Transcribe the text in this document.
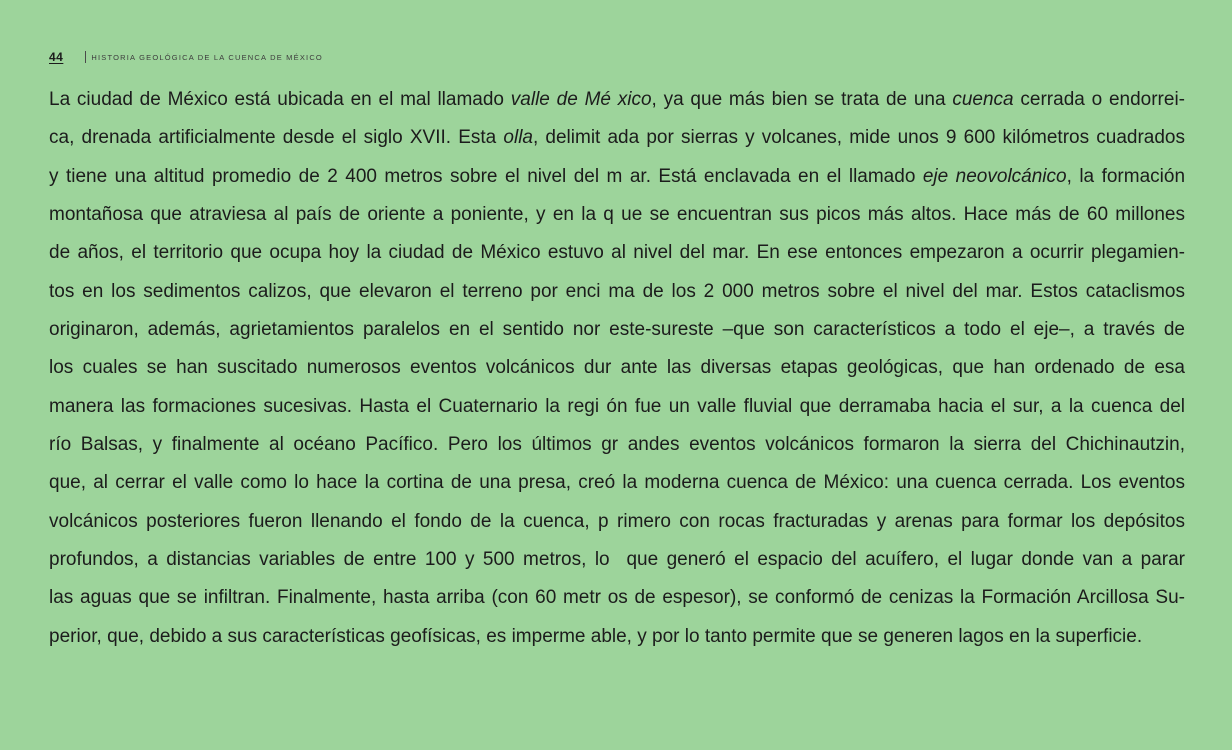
44	HISTORIA GEOLÓGICA DE LA CUENCA DE MÉXICO
La ciudad de México está ubicada en el mal llamado valle de Mé xico, ya que más bien se trata de una cuenca cerrada o endorrei-
ca, drenada artificialmente desde el siglo XVII. Esta olla, delimit ada por sierras y volcanes, mide unos 9 600 kilómetros cuadrados
y tiene una altitud promedio de 2 400 metros sobre el nivel del m ar. Está enclavada en el llamado eje neovolcánico, la formación
montañosa que atraviesa al país de oriente a poniente, y en la q ue se encuentran sus picos más altos. Hace más de 60 millones
de años, el territorio que ocupa hoy la ciudad de México estuvo al nivel del mar. En ese entonces empezaron a ocurrir plegamien-
tos en los sedimentos calizos, que elevaron el terreno por enci ma de los 2 000 metros sobre el nivel del mar. Estos cataclismos
originaron, además, agrietamientos paralelos en el sentido nor este-sureste –que son característicos a todo el eje–, a través de
los cuales se han suscitado numerosos eventos volcánicos dur ante las diversas etapas geológicas, que han ordenado de esa
manera las formaciones sucesivas. Hasta el Cuaternario la regi ón fue un valle fluvial que derramaba hacia el sur, a la cuenca del
río Balsas, y finalmente al océano Pacífico. Pero los últimos gr andes eventos volcánicos formaron la sierra del Chichinautzin,
que, al cerrar el valle como lo hace la cortina de una presa, creó la moderna cuenca de México: una cuenca cerrada. Los eventos
volcánicos posteriores fueron llenando el fondo de la cuenca, p rimero con rocas fracturadas y arenas para formar los depósitos
profundos, a distancias variables de entre 100 y 500 metros, lo  que generó el espacio del acuífero, el lugar donde van a parar
las aguas que se infiltran. Finalmente, hasta arriba (con 60 metr os de espesor), se conformó de cenizas la Formación Arcillosa Su-
perior, que, debido a sus características geofísicas, es imperme able, y por lo tanto permite que se generen lagos en la superficie.
